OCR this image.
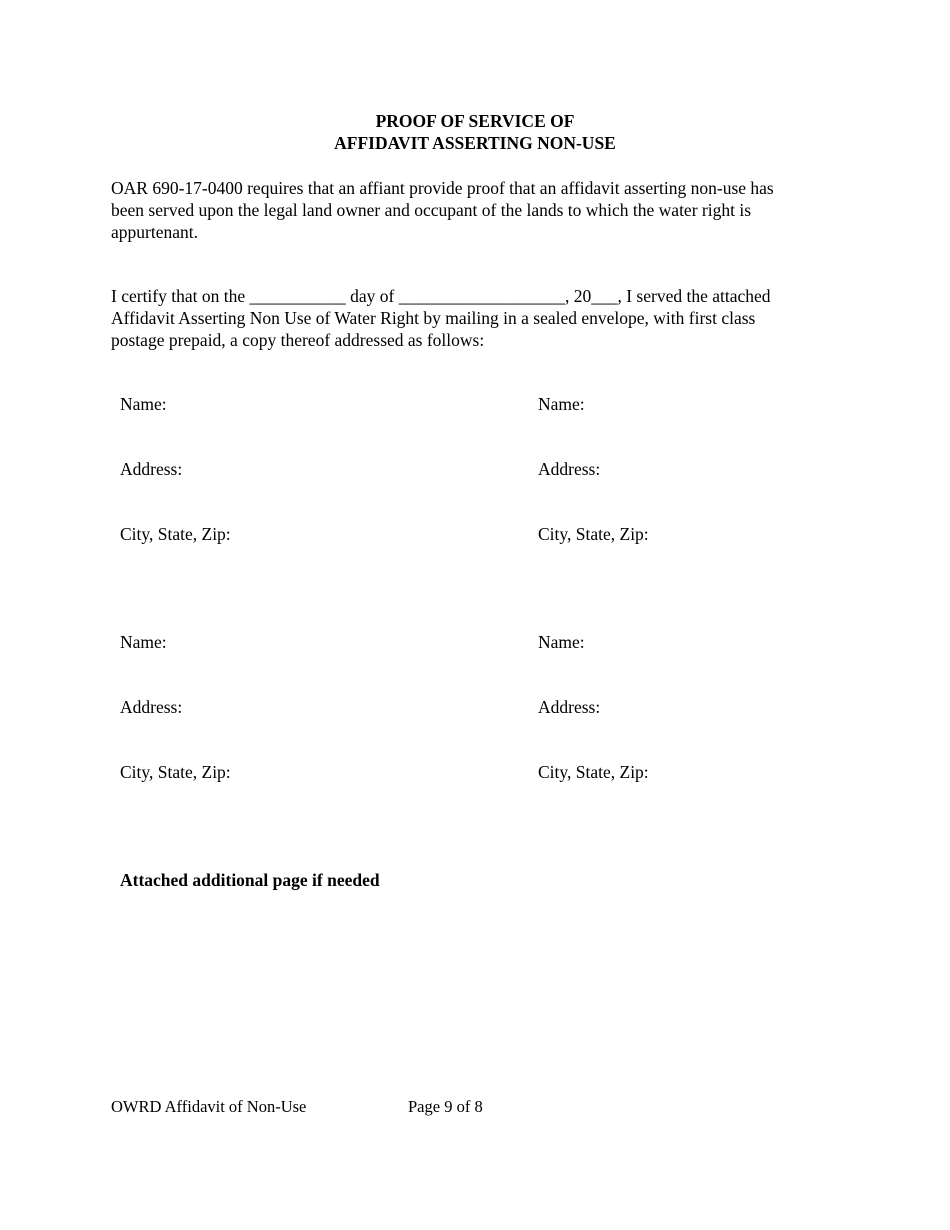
PROOF OF SERVICE OF
AFFIDAVIT ASSERTING NON-USE
OAR 690-17-0400 requires that an affiant provide proof that an affidavit asserting non-use has
been served upon the legal land owner and occupant of the lands to which the water right is
appurtenant.
I certify that on the ___________ day of ___________________, 20___, I served the attached
Affidavit Asserting Non Use of Water Right by mailing in a sealed envelope, with first class
postage prepaid, a copy thereof addressed as follows:
Name:
Address:
City, State, Zip:
Name:
Address:
City, State, Zip:
Name:
Address:
City, State, Zip:
Name:
Address:
City, State, Zip:
Attached additional page if needed
OWRD Affidavit of Non-Use	Page 9 of 8
